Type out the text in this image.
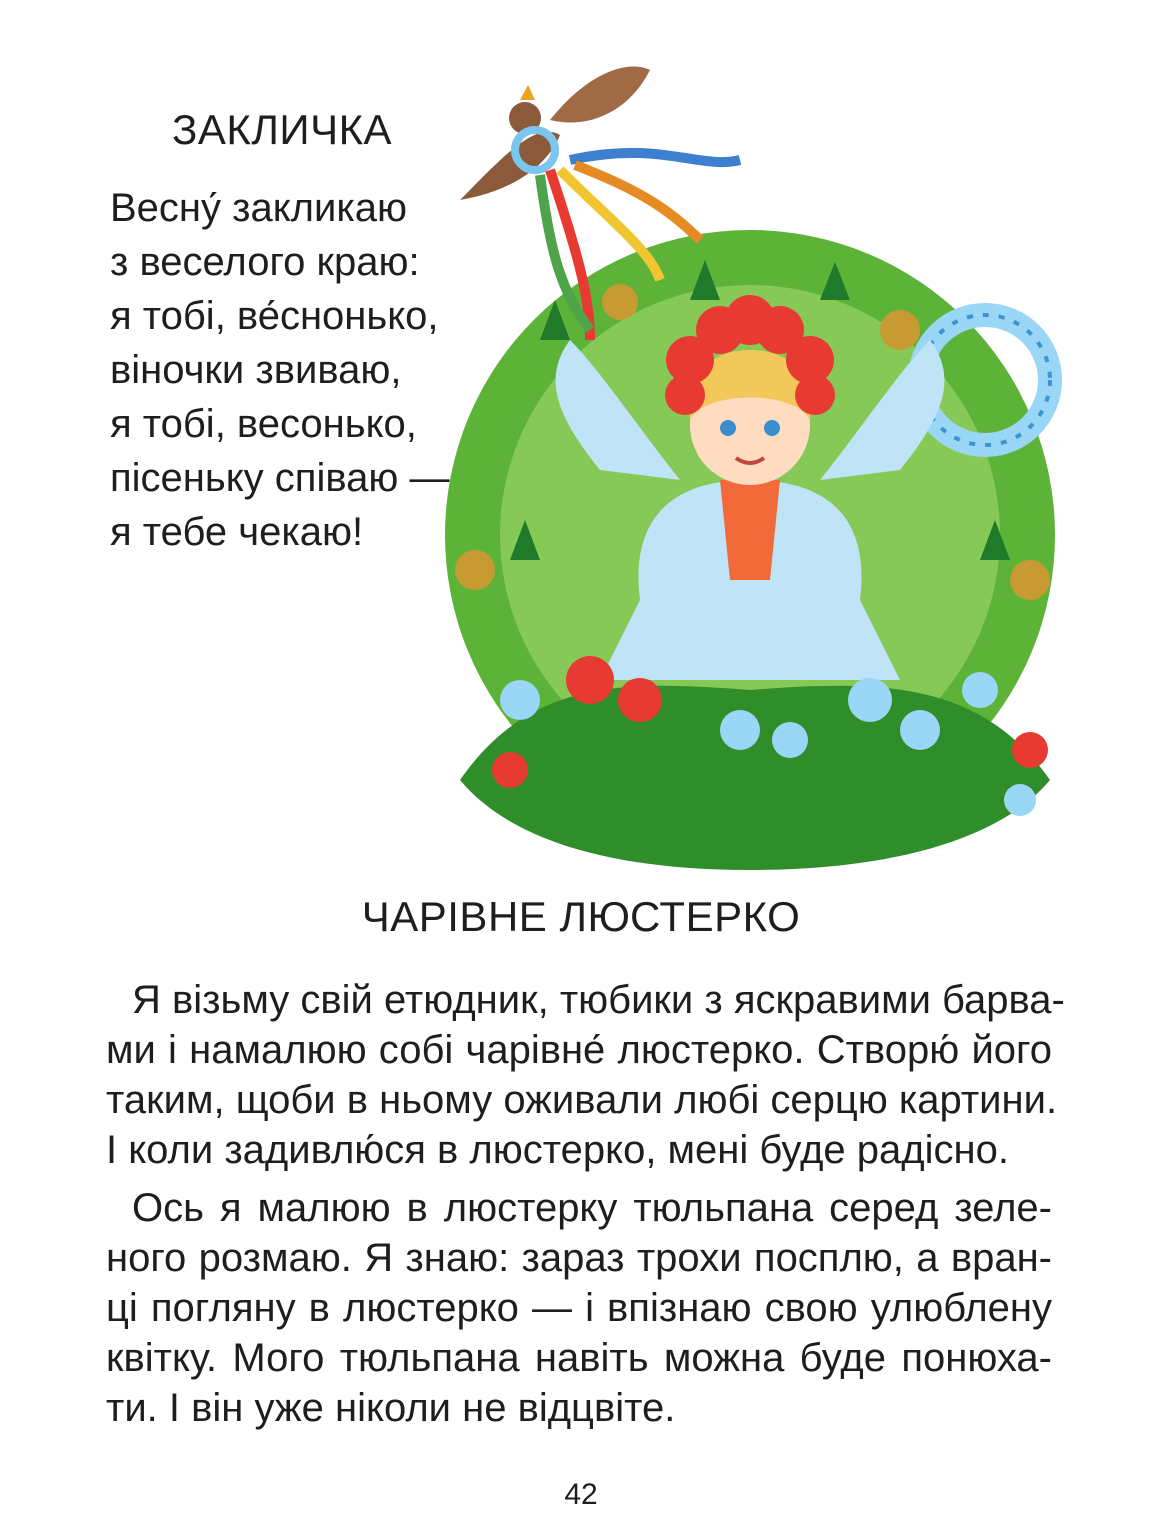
ЗАКЛИЧКА
Весну́ закликаю
з веселого краю:
я тобі, ве́снонько,
віночки звиваю,
я тобі, весонько,
пісеньку співаю —
я тебе чекаю!
ЧАРІВНЕ ЛЮСТЕРКО

Я візьму свій етюдник, тюбики з яскравими барва-
ми і намалюю собі чарівне́ люстерко. Створю́ його
таким, щоби в ньому оживали любі серцю картини.
І коли задивлю́ся в люстерко, мені буде радісно.

Ось я малюю в люстерку тюльпана серед зеле-
ного розмаю. Я знаю: зараз трохи посплю, а вран-
ці погляну в люстерко — і впізнаю свою улюблену
квітку. Мого тюльпана навіть можна буде понюха-
ти. І він уже ніколи не відцвіте.

42
